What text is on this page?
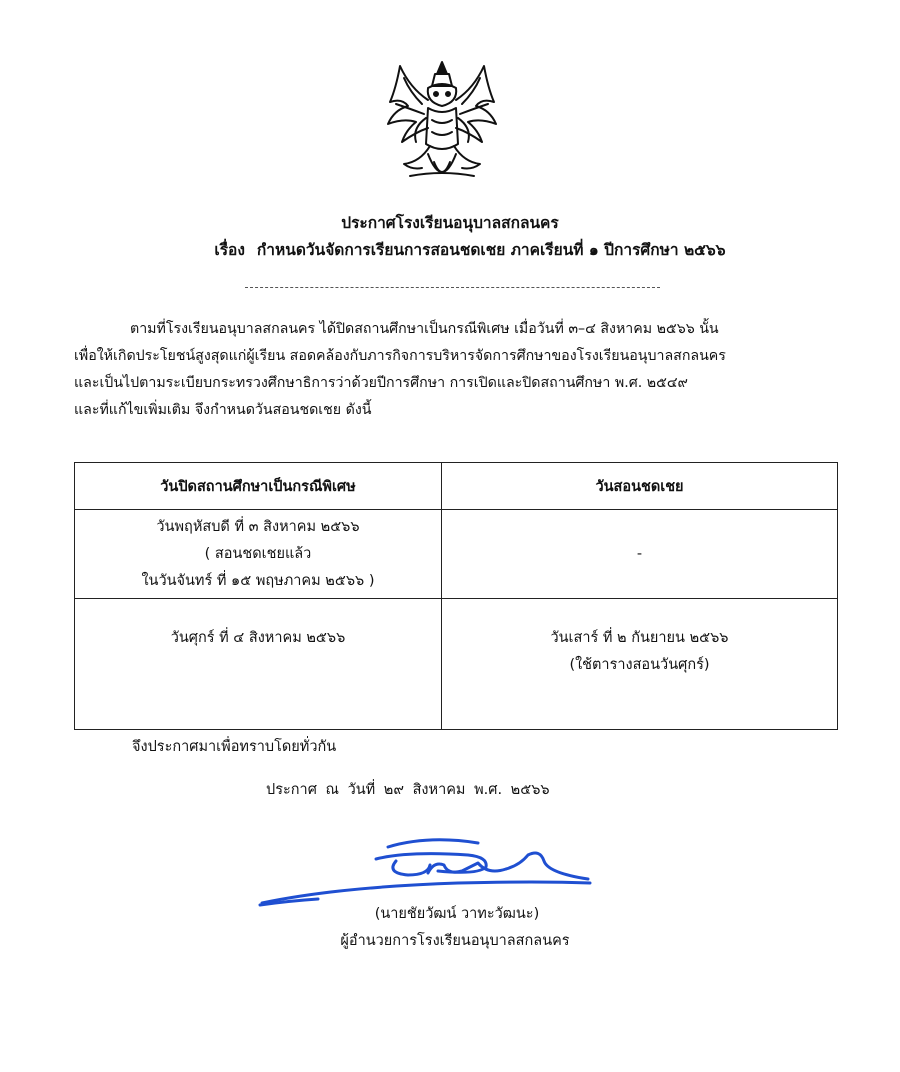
ประกาศโรงเรียนอนุบาลสกลนคร
เรื่อง กำหนดวันจัดการเรียนการสอนชดเชย ภาคเรียนที่ ๑ ปีการศึกษา ๒๕๖๖
ตามที่โรงเรียนอนุบาลสกลนคร ได้ปิดสถานศึกษาเป็นกรณีพิเศษ เมื่อวันที่ ๓–๔ สิงหาคม ๒๕๖๖ นั้น
เพื่อให้เกิดประโยชน์สูงสุดแก่ผู้เรียน สอดคล้องกับภารกิจการบริหารจัดการศึกษาของโรงเรียนอนุบาลสกลนคร
และเป็นไปตามระเบียบกระทรวงศึกษาธิการว่าด้วยปีการศึกษา การเปิดและปิดสถานศึกษา พ.ศ. ๒๕๔๙
และที่แก้ไขเพิ่มเติม จึงกำหนดวันสอนชดเชย ดังนี้
วันปิดสถานศึกษาเป็นกรณีพิเศษ	วันสอนชดเชย

วันพฤหัสบดี ที่ ๓ สิงหาคม ๒๕๖๖
( สอนชดเชยแล้ว
ในวันจันทร์ ที่ ๑๕ พฤษภาคม ๒๕๖๖ )	-

วันศุกร์ ที่ ๔ สิงหาคม ๒๕๖๖	วันเสาร์ ที่ ๒ กันยายน ๒๕๖๖
(ใช้ตารางสอนวันศุกร์)
จึงประกาศมาเพื่อทราบโดยทั่วกัน
ประกาศ ณ วันที่ ๒๙ สิงหาคม พ.ศ. ๒๕๖๖
(นายชัยวัฒน์ วาทะวัฒนะ)
ผู้อำนวยการโรงเรียนอนุบาลสกลนคร
